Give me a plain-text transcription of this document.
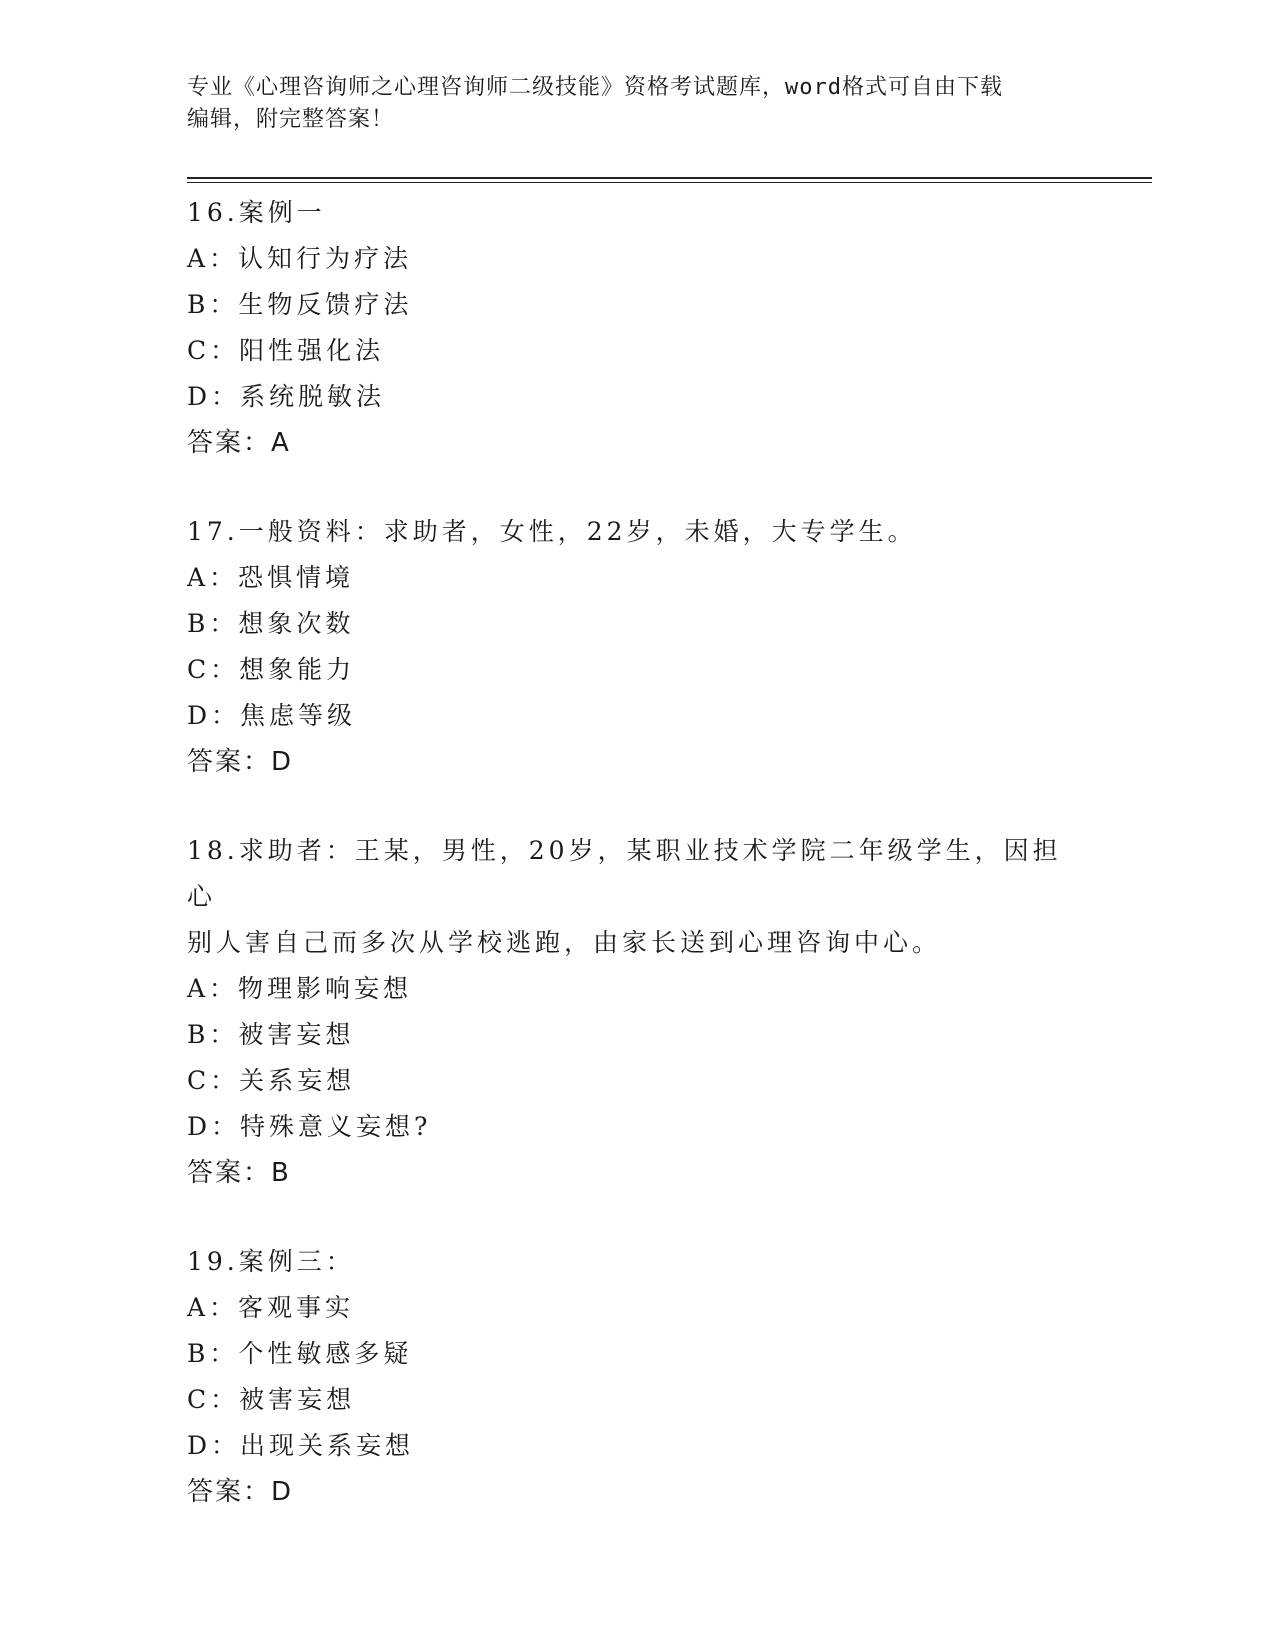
专业《心理咨询师之心理咨询师二级技能》资格考试题库，word格式可自由下载
编辑，附完整答案！
16.案例一
A：认知行为疗法
B：生物反馈疗法
C：阳性强化法
D：系统脱敏法
答案：A
17.一般资料：求助者，女性，22岁，未婚，大专学生。
A：恐惧情境
B：想象次数
C：想象能力
D：焦虑等级
答案：D
18.求助者：王某，男性，20岁，某职业技术学院二年级学生，因担心
别人害自己而多次从学校逃跑，由家长送到心理咨询中心。
A：物理影响妄想
B：被害妄想
C：关系妄想
D：特殊意义妄想?
答案：B
19.案例三：
A：客观事实
B：个性敏感多疑
C：被害妄想
D：出现关系妄想
答案：D
